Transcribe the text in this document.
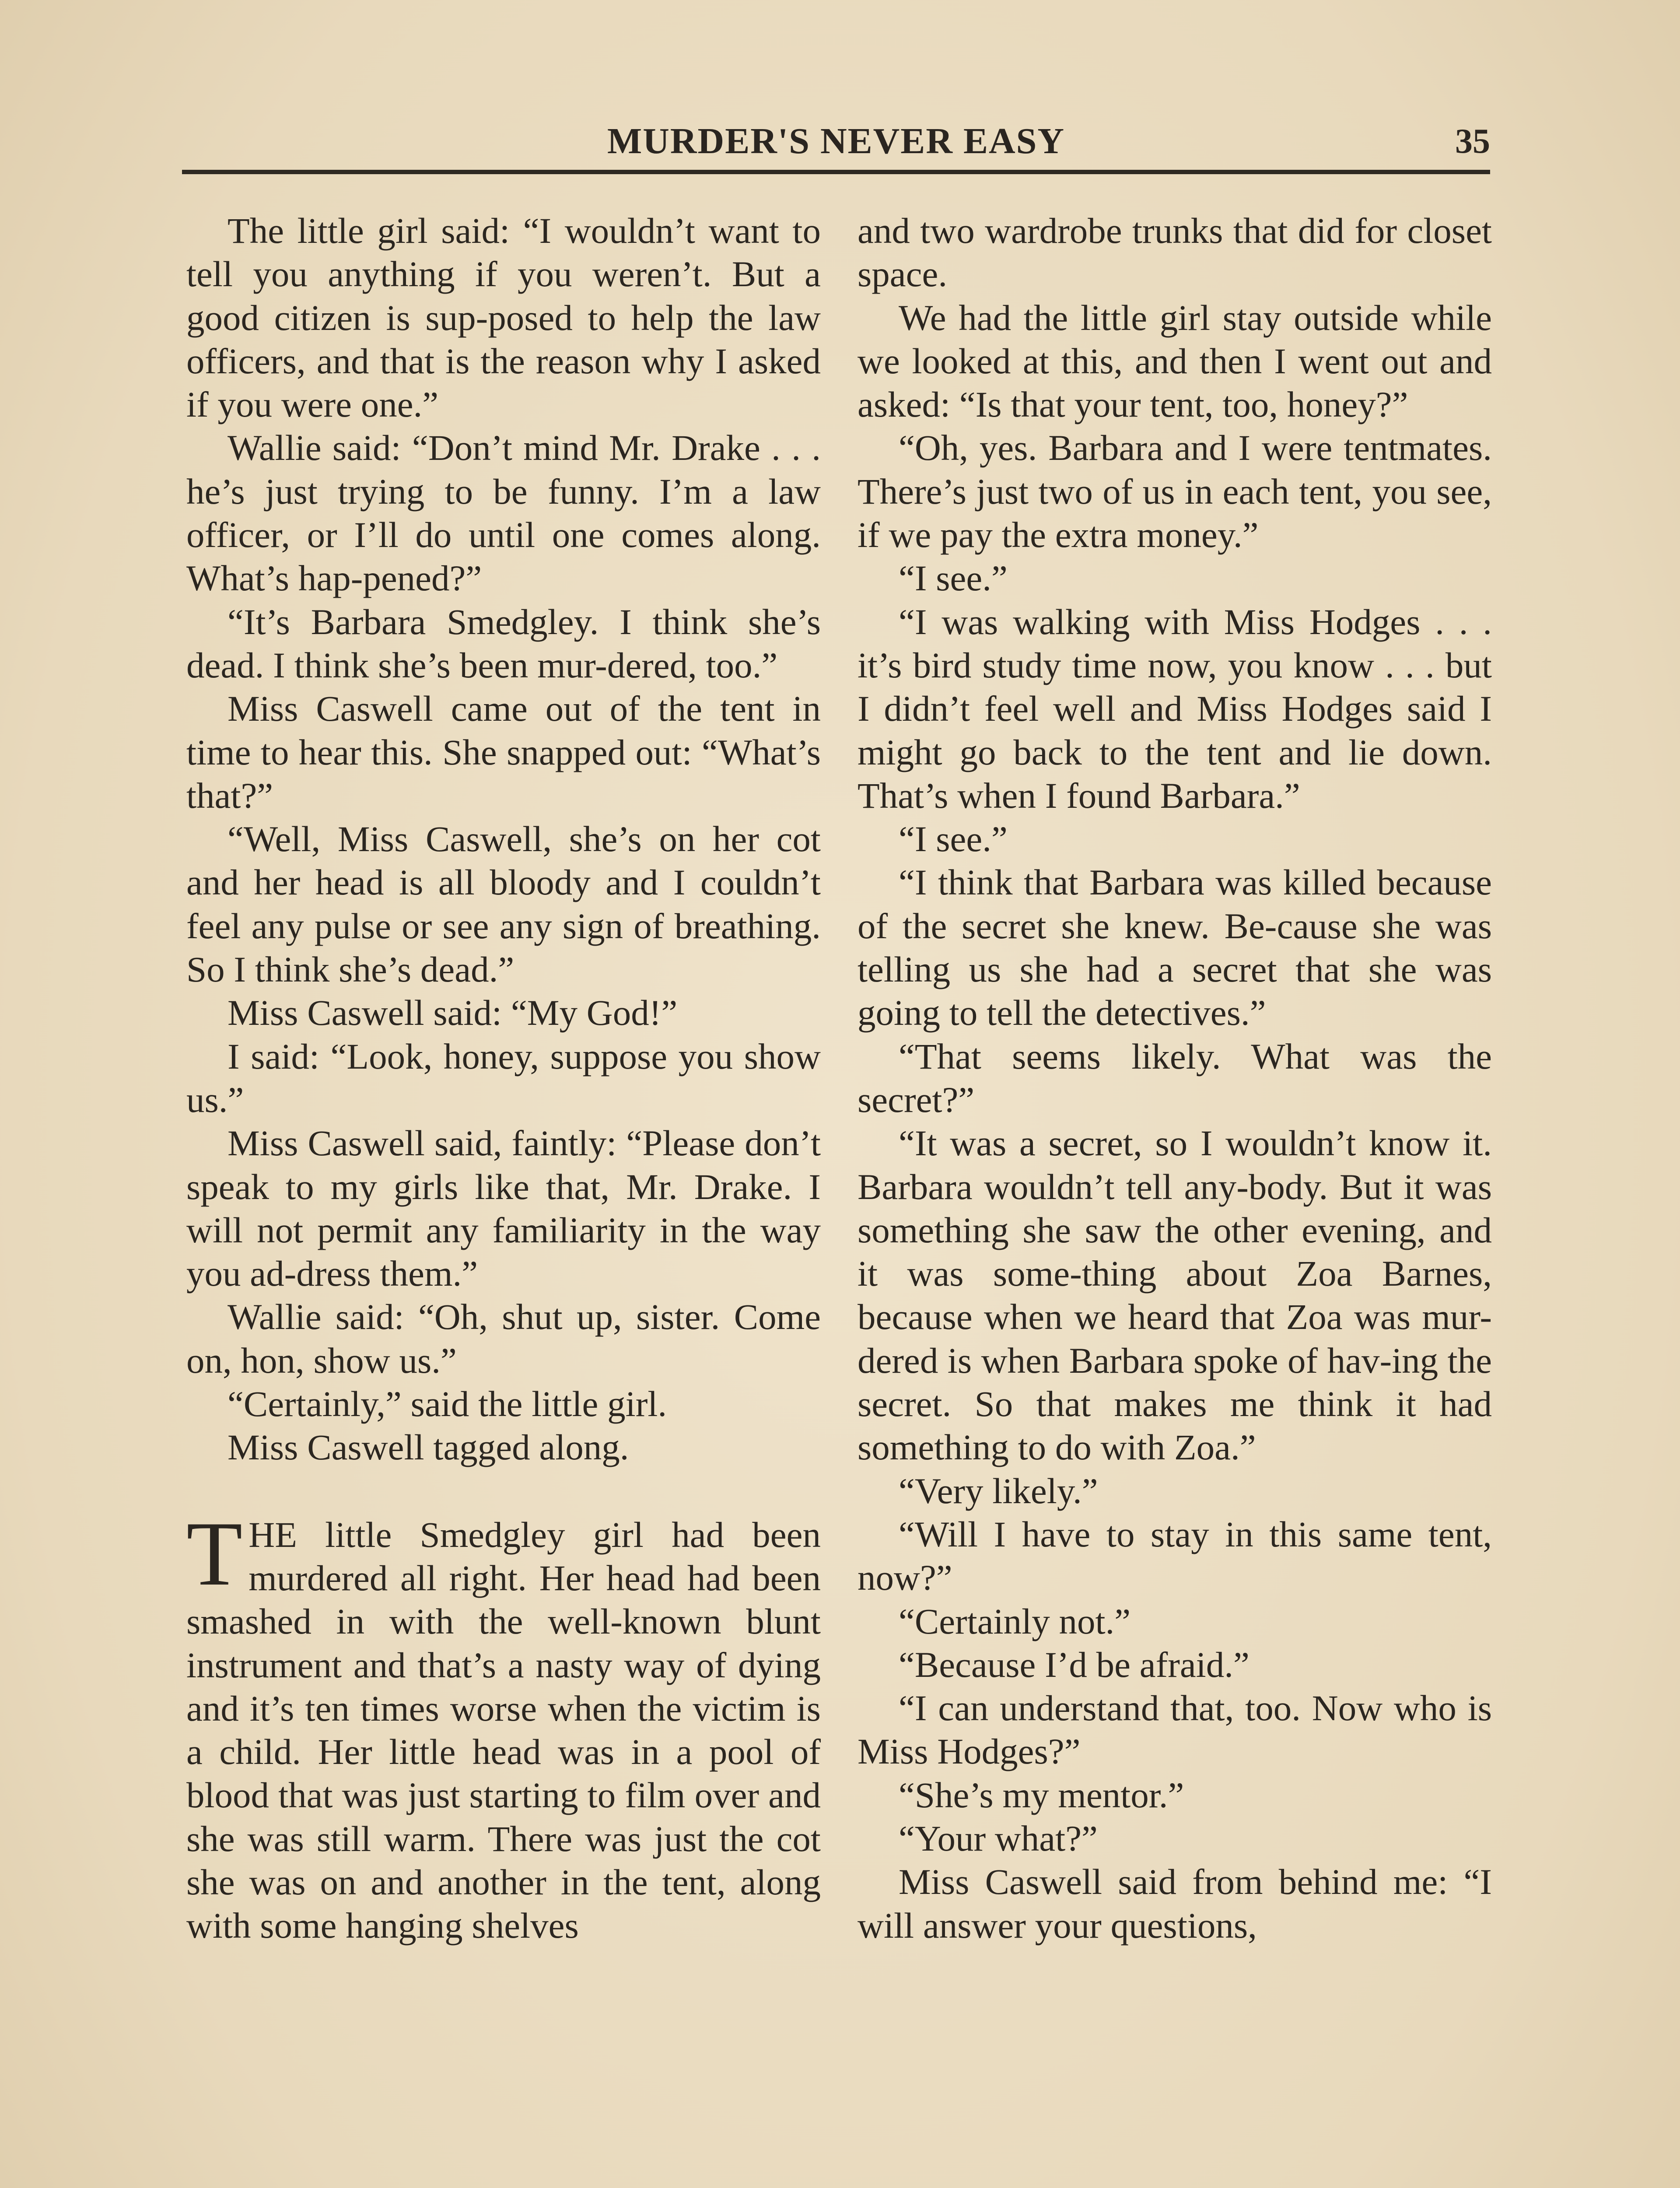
MURDER'S NEVER EASY	35

The little girl said: “I wouldn’t want to tell you anything if you weren’t. But a good citizen is sup-posed to help the law officers, and that is the reason why I asked if you were one.”

Wallie said: “Don’t mind Mr. Drake . . . he’s just trying to be funny. I’m a law officer, or I’ll do until one comes along. What’s hap-pened?”

“It’s Barbara Smedgley. I think she’s dead. I think she’s been mur-dered, too.”

Miss Caswell came out of the tent in time to hear this. She snapped out: “What’s that?”

“Well, Miss Caswell, she’s on her cot and her head is all bloody and I couldn’t feel any pulse or see any sign of breathing. So I think she’s dead.”

Miss Caswell said: “My God!”

I said: “Look, honey, suppose you show us.”

Miss Caswell said, faintly: “Please don’t speak to my girls like that, Mr. Drake. I will not permit any familiarity in the way you ad-dress them.”

Wallie said: “Oh, shut up, sister. Come on, hon, show us.”

“Certainly,” said the little girl.

Miss Caswell tagged along.

THE little Smedgley girl had been murdered all right. Her head had been smashed in with the well-known blunt instrument and that’s a nasty way of dying and it’s ten times worse when the victim is a child. Her little head was in a pool of blood that was just starting to film over and she was still warm. There was just the cot she was on and another in the tent, along with some hanging shelves

and two wardrobe trunks that did for closet space.

We had the little girl stay outside while we looked at this, and then I went out and asked: “Is that your tent, too, honey?”

“Oh, yes. Barbara and I were tentmates. There’s just two of us in each tent, you see, if we pay the extra money.”

“I see.”

“I was walking with Miss Hodges . . . it’s bird study time now, you know . . . but I didn’t feel well and Miss Hodges said I might go back to the tent and lie down. That’s when I found Barbara.”

“I see.”

“I think that Barbara was killed because of the secret she knew. Be-cause she was telling us she had a secret that she was going to tell the detectives.”

“That seems likely. What was the secret?”

“It was a secret, so I wouldn’t know it. Barbara wouldn’t tell any-body. But it was something she saw the other evening, and it was some-thing about Zoa Barnes, because when we heard that Zoa was mur-dered is when Barbara spoke of hav-ing the secret. So that makes me think it had something to do with Zoa.”

“Very likely.”

“Will I have to stay in this same tent, now?”

“Certainly not.”

“Because I’d be afraid.”

“I can understand that, too. Now who is Miss Hodges?”

“She’s my mentor.”

“Your what?”

Miss Caswell said from behind me: “I will answer your questions,
